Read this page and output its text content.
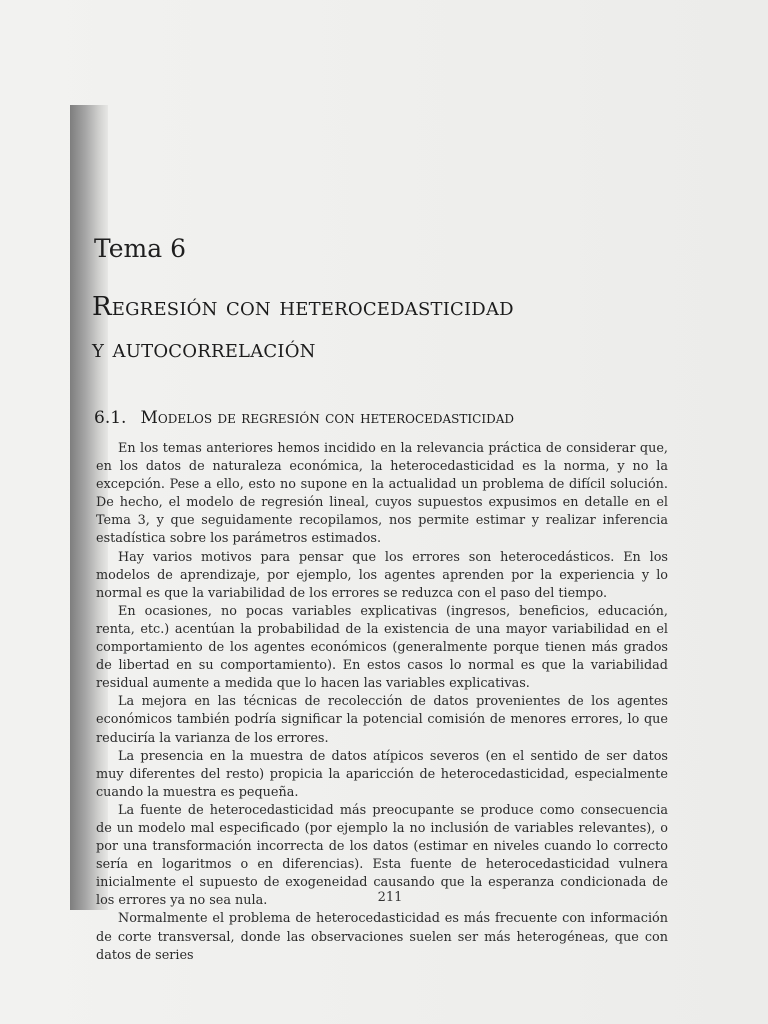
Tema 6
Regresión con heterocedasticidad
y autocorrelación
6.1. Modelos de regresión con heterocedasticidad

En los temas anteriores hemos incidido en la relevancia práctica de considerar que, en los datos de naturaleza económica, la heterocedasticidad es la norma, y no la excepción. Pese a ello, esto no supone en la actualidad un problema de difícil solución. De hecho, el modelo de regresión lineal, cuyos supuestos expusimos en detalle en el Tema 3, y que seguidamente recopilamos, nos permite estimar y realizar inferencia estadística sobre los parámetros estimados.

Hay varios motivos para pensar que los errores son heterocedásticos. En los modelos de aprendizaje, por ejemplo, los agentes aprenden por la experiencia y lo normal es que la variabilidad de los errores se reduzca con el paso del tiempo.

En ocasiones, no pocas variables explicativas (ingresos, beneficios, educación, renta, etc.) acentúan la probabilidad de la existencia de una mayor variabilidad en el comportamiento de los agentes económicos (generalmente porque tienen más grados de libertad en su comportamiento). En estos casos lo normal es que la variabilidad residual aumente a medida que lo hacen las variables explicativas.

La mejora en las técnicas de recolección de datos provenientes de los agentes económicos también podría significar la potencial comisión de menores errores, lo que reduciría la varianza de los errores.

La presencia en la muestra de datos atípicos severos (en el sentido de ser datos muy diferentes del resto) propicia la aparicción de heterocedasticidad, especialmente cuando la muestra es pequeña.

La fuente de heterocedasticidad más preocupante se produce como consecuencia de un modelo mal especificado (por ejemplo la no inclusión de variables relevantes), o por una transformación incorrecta de los datos (estimar en niveles cuando lo correcto sería en logaritmos o en diferencias). Esta fuente de heterocedasticidad vulnera inicialmente el supuesto de exogeneidad causando que la esperanza condicionada de los errores ya no sea nula.

Normalmente el problema de heterocedasticidad es más frecuente con información de corte transversal, donde las observaciones suelen ser más heterogéneas, que con datos de series

211
